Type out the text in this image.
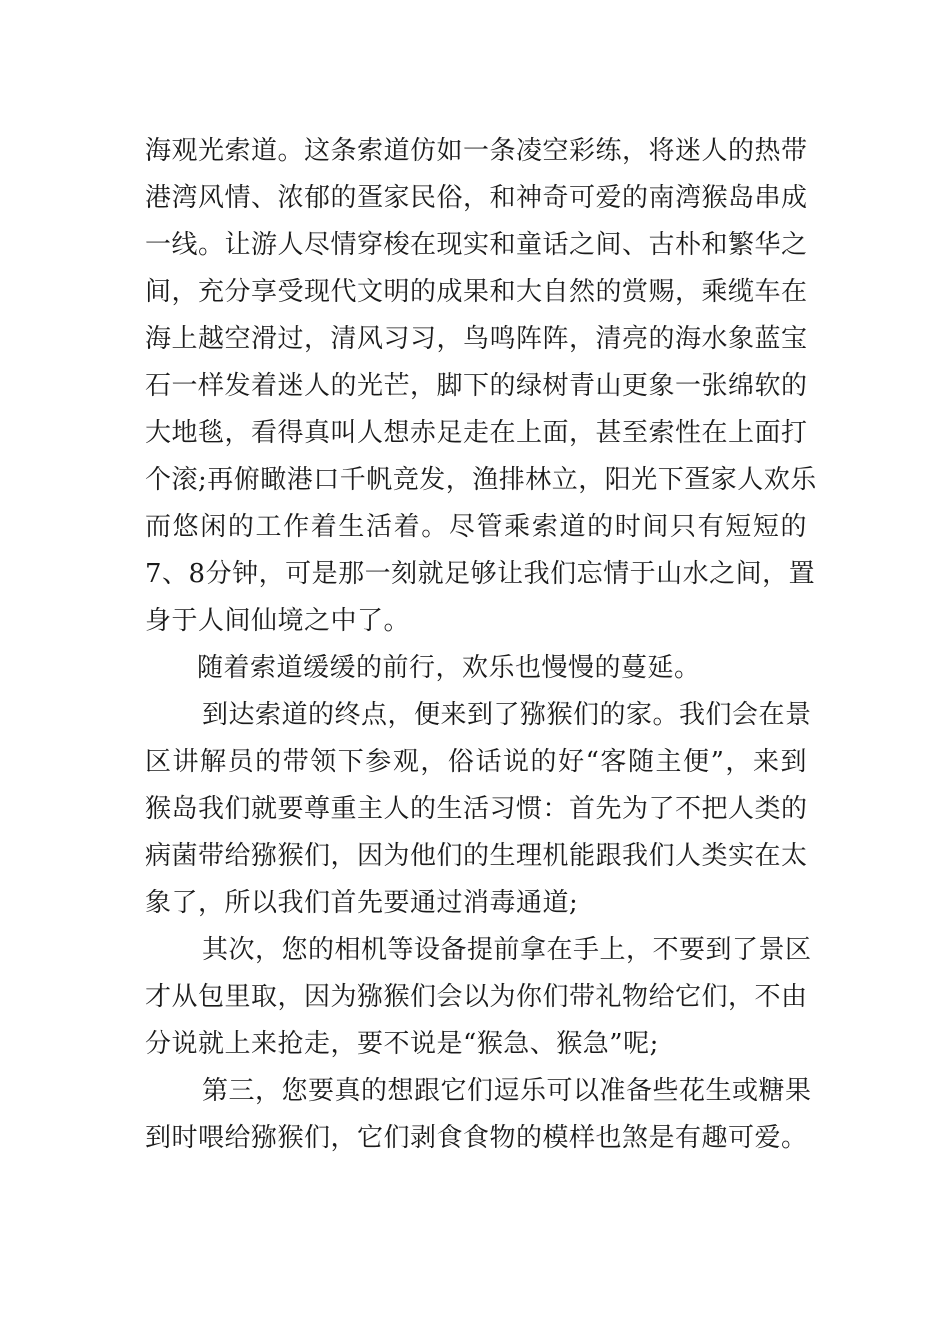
海观光索道。这条索道仿如一条凌空彩练，将迷人的热带
港湾风情、浓郁的疍家民俗，和神奇可爱的南湾猴岛串成
一线。让游人尽情穿梭在现实和童话之间、古朴和繁华之
间，充分享受现代文明的成果和大自然的赏赐，乘缆车在
海上越空滑过，清风习习，鸟鸣阵阵，清亮的海水象蓝宝
石一样发着迷人的光芒，脚下的绿树青山更象一张绵软的
大地毯，看得真叫人想赤足走在上面，甚至索性在上面打
个滚;再俯瞰港口千帆竞发，渔排林立，阳光下疍家人欢乐
而悠闲的工作着生活着。尽管乘索道的时间只有短短的
7、8分钟，可是那一刻就足够让我们忘情于山水之间，置
身于人间仙境之中了。
随着索道缓缓的前行，欢乐也慢慢的蔓延。
到达索道的终点，便来到了猕猴们的家。我们会在景
区讲解员的带领下参观，俗话说的好“客随主便”，来到
猴岛我们就要尊重主人的生活习惯：首先为了不把人类的
病菌带给猕猴们，因为他们的生理机能跟我们人类实在太
象了，所以我们首先要通过消毒通道;
其次，您的相机等设备提前拿在手上，不要到了景区
才从包里取，因为猕猴们会以为你们带礼物给它们，不由
分说就上来抢走，要不说是“猴急、猴急”呢;
第三，您要真的想跟它们逗乐可以准备些花生或糖果
到时喂给猕猴们，它们剥食食物的模样也煞是有趣可爱。
